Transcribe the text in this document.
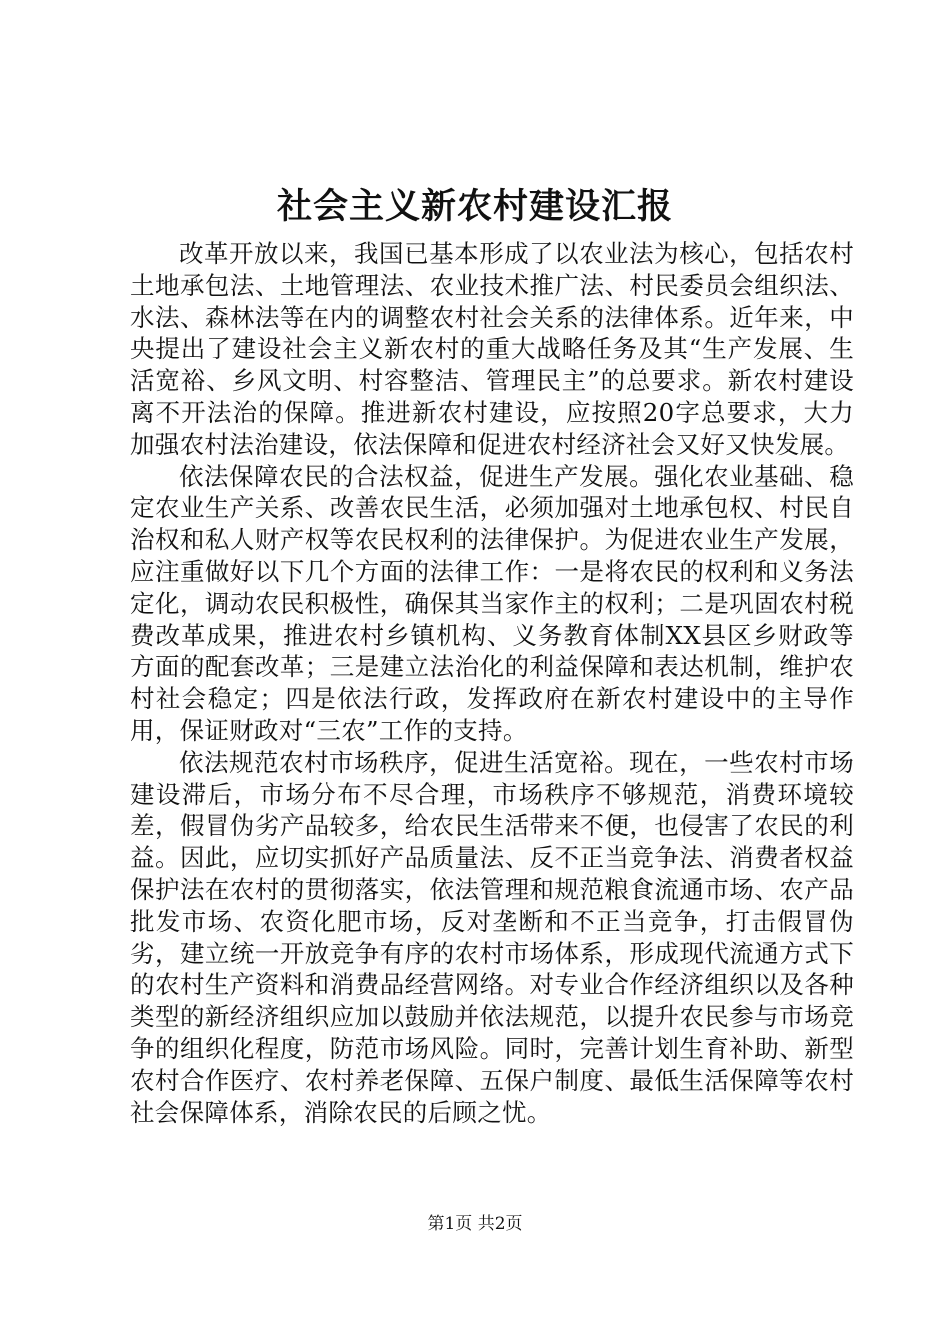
社会主义新农村建设汇报

改革开放以来，我国已基本形成了以农业法为核心，包括农村土地承包法、土地管理法、农业技术推广法、村民委员会组织法、水法、森林法等在内的调整农村社会关系的法律体系。近年来，中央提出了建设社会主义新农村的重大战略任务及其“生产发展、生活宽裕、乡风文明、村容整洁、管理民主”的总要求。新农村建设离不开法治的保障。推进新农村建设，应按照20字总要求，大力加强农村法治建设，依法保障和促进农村经济社会又好又快发展。

依法保障农民的合法权益，促进生产发展。强化农业基础、稳定农业生产关系、改善农民生活，必须加强对土地承包权、村民自治权和私人财产权等农民权利的法律保护。为促进农业生产发展，应注重做好以下几个方面的法律工作：一是将农民的权利和义务法定化，调动农民积极性，确保其当家作主的权利；二是巩固农村税费改革成果，推进农村乡镇机构、义务教育体制XX县区乡财政等方面的配套改革；三是建立法治化的利益保障和表达机制，维护农村社会稳定；四是依法行政，发挥政府在新农村建设中的主导作用，保证财政对“三农”工作的支持。

依法规范农村市场秩序，促进生活宽裕。现在，一些农村市场建设滞后，市场分布不尽合理，市场秩序不够规范，消费环境较差，假冒伪劣产品较多，给农民生活带来不便，也侵害了农民的利益。因此，应切实抓好产品质量法、反不正当竞争法、消费者权益保护法在农村的贯彻落实，依法管理和规范粮食流通市场、农产品批发市场、农资化肥市场，反对垄断和不正当竞争，打击假冒伪劣，建立统一开放竞争有序的农村市场体系，形成现代流通方式下的农村生产资料和消费品经营网络。对专业合作经济组织以及各种类型的新经济组织应加以鼓励并依法规范，以提升农民参与市场竞争的组织化程度，防范市场风险。同时，完善计划生育补助、新型农村合作医疗、农村养老保障、五保户制度、最低生活保障等农村社会保障体系，消除农民的后顾之忧。

第1页 共2页
